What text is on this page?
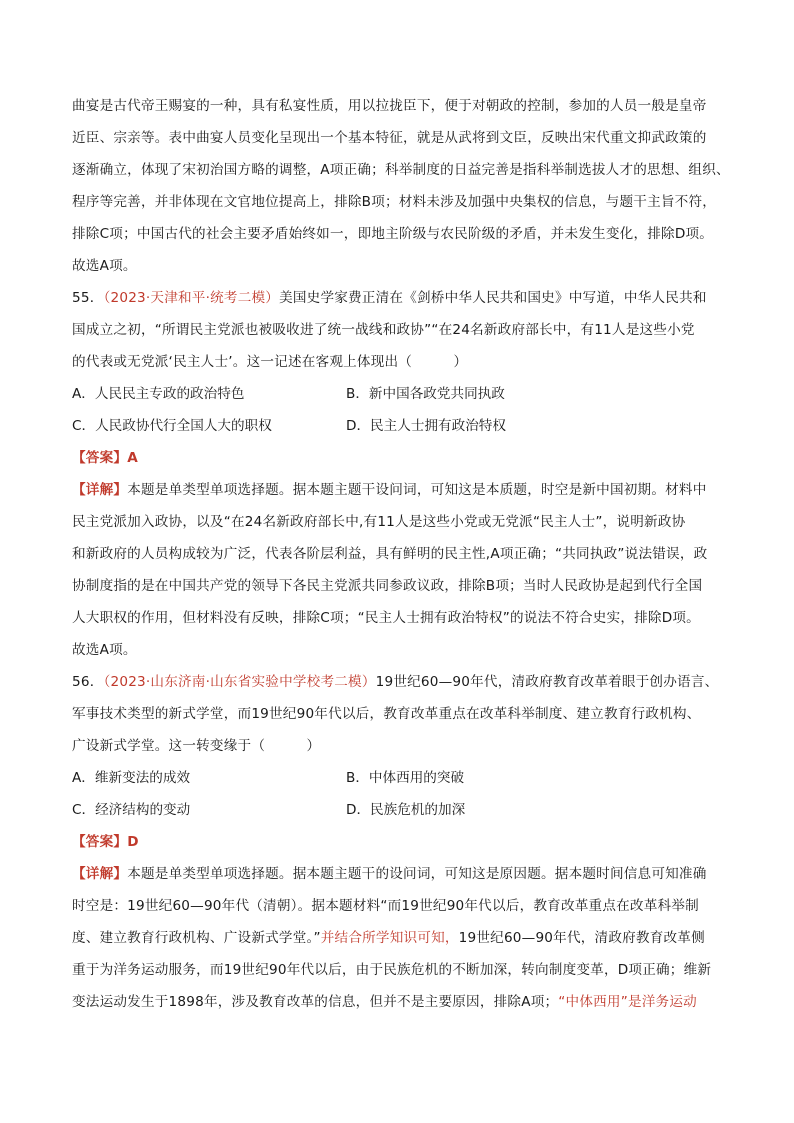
曲宴是古代帝王赐宴的一种，具有私宴性质，用以拉拢臣下，便于对朝政的控制，参加的人员一般是皇帝
近臣、宗亲等。表中曲宴人员变化呈现出一个基本特征，就是从武将到文臣，反映出宋代重文抑武政策的
逐渐确立，体现了宋初治国方略的调整，A项正确；科举制度的日益完善是指科举制选拔人才的思想、组织、
程序等完善，并非体现在文官地位提高上，排除B项；材料未涉及加强中央集权的信息，与题干主旨不符，
排除C项；中国古代的社会主要矛盾始终如一，即地主阶级与农民阶级的矛盾，并未发生变化，排除D项。
故选A项。
55．（2023·天津和平·统考二模）美国史学家费正清在《剑桥中华人民共和国史》中写道，中华人民共和
国成立之初，“所谓民主党派也被吸收进了统一战线和政协”“在24名新政府部长中，有11人是这些小党
的代表或无党派‘民主人士’。这一记述在客观上体现出（　　　）
A．人民民主专政的政治特色	B．新中国各政党共同执政
C．人民政协代行全国人大的职权	D．民主人士拥有政治特权
【答案】A
【详解】本题是单类型单项选择题。据本题主题干设问词，可知这是本质题，时空是新中国初期。材料中
民主党派加入政协，以及“在24名新政府部长中,有11人是这些小党或无党派“民主人士”，说明新政协
和新政府的人员构成较为广泛，代表各阶层利益，具有鲜明的民主性,A项正确；“共同执政”说法错误，政
协制度指的是在中国共产党的领导下各民主党派共同参政议政，排除B项；当时人民政协是起到代行全国
人大职权的作用，但材料没有反映，排除C项；“民主人士拥有政治特权”的说法不符合史实，排除D项。
故选A项。
56．（2023·山东济南·山东省实验中学校考二模）19世纪60—90年代，清政府教育改革着眼于创办语言、
军事技术类型的新式学堂，而19世纪90年代以后，教育改革重点在改革科举制度、建立教育行政机构、
广设新式学堂。这一转变缘于（　　　）
A．维新变法的成效	B．中体西用的突破
C．经济结构的变动	D．民族危机的加深
【答案】D
【详解】本题是单类型单项选择题。据本题主题干的设问词，可知这是原因题。据本题时间信息可知准确
时空是：19世纪60—90年代（清朝）。据本题材料“而19世纪90年代以后，教育改革重点在改革科举制
度、建立教育行政机构、广设新式学堂。”并结合所学知识可知，19世纪60—90年代，清政府教育改革侧
重于为洋务运动服务，而19世纪90年代以后，由于民族危机的不断加深，转向制度变革，D项正确；维新
变法运动发生于1898年，涉及教育改革的信息，但并不是主要原因，排除A项；“中体西用”是洋务运动
